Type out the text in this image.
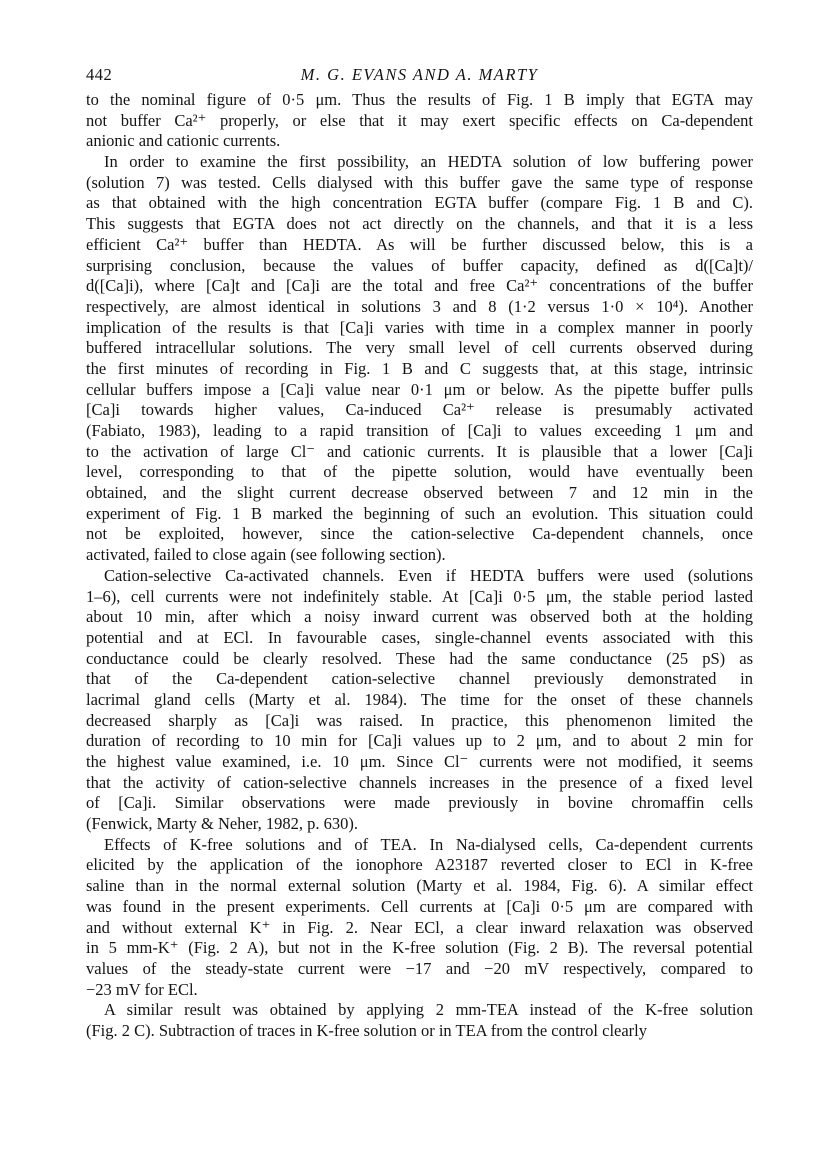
442	M. G. EVANS AND A. MARTY
to the nominal figure of 0·5 μm. Thus the results of Fig. 1 B imply that EGTA may
not buffer Ca²⁺ properly, or else that it may exert specific effects on Ca-dependent
anionic and cationic currents.
In order to examine the first possibility, an HEDTA solution of low buffering power
(solution 7) was tested. Cells dialysed with this buffer gave the same type of response
as that obtained with the high concentration EGTA buffer (compare Fig. 1 B and C).
This suggests that EGTA does not act directly on the channels, and that it is a less
efficient Ca²⁺ buffer than HEDTA. As will be further discussed below, this is a
surprising conclusion, because the values of buffer capacity, defined as d([Ca]t)/
d([Ca]i), where [Ca]t and [Ca]i are the total and free Ca²⁺ concentrations of the buffer
respectively, are almost identical in solutions 3 and 8 (1·2 versus 1·0 × 10⁴). Another
implication of the results is that [Ca]i varies with time in a complex manner in poorly
buffered intracellular solutions. The very small level of cell currents observed during
the first minutes of recording in Fig. 1 B and C suggests that, at this stage, intrinsic
cellular buffers impose a [Ca]i value near 0·1 μm or below. As the pipette buffer pulls
[Ca]i towards higher values, Ca-induced Ca²⁺ release is presumably activated
(Fabiato, 1983), leading to a rapid transition of [Ca]i to values exceeding 1 μm and
to the activation of large Cl⁻ and cationic currents. It is plausible that a lower [Ca]i
level, corresponding to that of the pipette solution, would have eventually been
obtained, and the slight current decrease observed between 7 and 12 min in the
experiment of Fig. 1 B marked the beginning of such an evolution. This situation could
not be exploited, however, since the cation-selective Ca-dependent channels, once
activated, failed to close again (see following section).
Cation-selective Ca-activated channels. Even if HEDTA buffers were used (solutions
1–6), cell currents were not indefinitely stable. At [Ca]i 0·5 μm, the stable period lasted
about 10 min, after which a noisy inward current was observed both at the holding
potential and at ECl. In favourable cases, single-channel events associated with this
conductance could be clearly resolved. These had the same conductance (25 pS) as
that of the Ca-dependent cation-selective channel previously demonstrated in
lacrimal gland cells (Marty et al. 1984). The time for the onset of these channels
decreased sharply as [Ca]i was raised. In practice, this phenomenon limited the
duration of recording to 10 min for [Ca]i values up to 2 μm, and to about 2 min for
the highest value examined, i.e. 10 μm. Since Cl⁻ currents were not modified, it seems
that the activity of cation-selective channels increases in the presence of a fixed level
of [Ca]i. Similar observations were made previously in bovine chromaffin cells
(Fenwick, Marty & Neher, 1982, p. 630).
Effects of K-free solutions and of TEA. In Na-dialysed cells, Ca-dependent currents
elicited by the application of the ionophore A23187 reverted closer to ECl in K-free
saline than in the normal external solution (Marty et al. 1984, Fig. 6). A similar effect
was found in the present experiments. Cell currents at [Ca]i 0·5 μm are compared with
and without external K⁺ in Fig. 2. Near ECl, a clear inward relaxation was observed
in 5 mm-K⁺ (Fig. 2 A), but not in the K-free solution (Fig. 2 B). The reversal potential
values of the steady-state current were −17 and −20 mV respectively, compared to
−23 mV for ECl.
A similar result was obtained by applying 2 mm-TEA instead of the K-free solution
(Fig. 2 C). Subtraction of traces in K-free solution or in TEA from the control clearly
